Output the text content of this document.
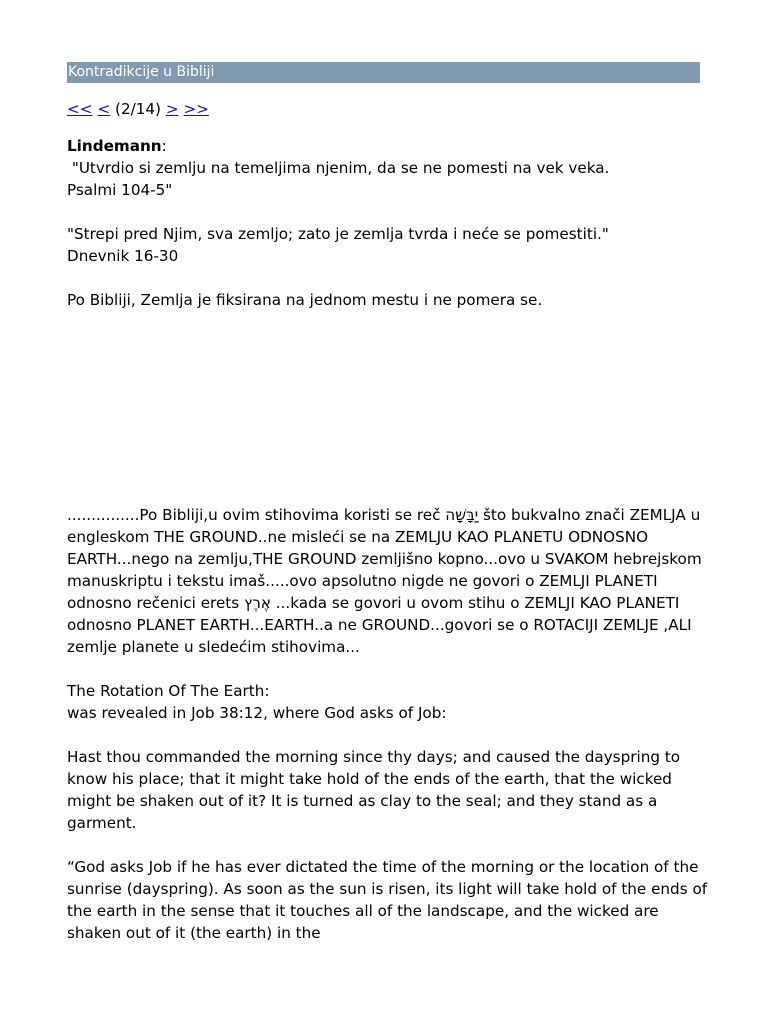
Kontradikcije u Bibliji
<< < (2/14) > >>

Lindemann:

"Utvrdio si zemlju na temeljima njenim, da se ne pomesti na vek veka.

Psalmi 104-5"

"Strepi pred Njim, sva zemljo; zato je zemlja tvrda i neće se pomestiti."

Dnevnik 16-30

Po Bibliji, Zemlja je fiksirana na jednom mestu i ne pomera se.

...............Po Bibliji,u ovim stihovima koristi se reč יַבָּשָׁה što bukvalno znači ZEMLJA u engleskom THE GROUND..ne misleći se na ZEMLJU KAO PLANETU ODNOSNO EARTH...nego na zemlju,THE GROUND zemljišno kopno...ovo u SVAKOM hebrejskom manuskriptu i tekstu imaš.....ovo apsolutno nigde ne govori o ZEMLJI PLANETI odnosno rečenici erets אֶרֶץ ...kada se govori u ovom stihu o ZEMLJI KAO PLANETI odnosno PLANET EARTH...EARTH..a ne GROUND...govori se o ROTACIJI ZEMLJE ,ALI zemlje planete u sledećim stihovima...

The Rotation Of The Earth:

was revealed in Job 38:12, where God asks of Job:

Hast thou commanded the morning since thy days; and caused the dayspring to know his place; that it might take hold of the ends of the earth, that the wicked might be shaken out of it? It is turned as clay to the seal; and they stand as a garment.

“God asks Job if he has ever dictated the time of the morning or the location of the sunrise (dayspring). As soon as the sun is risen, its light will take hold of the ends of the earth in the sense that it touches all of the landscape, and the wicked are shaken out of it (the earth) in the
